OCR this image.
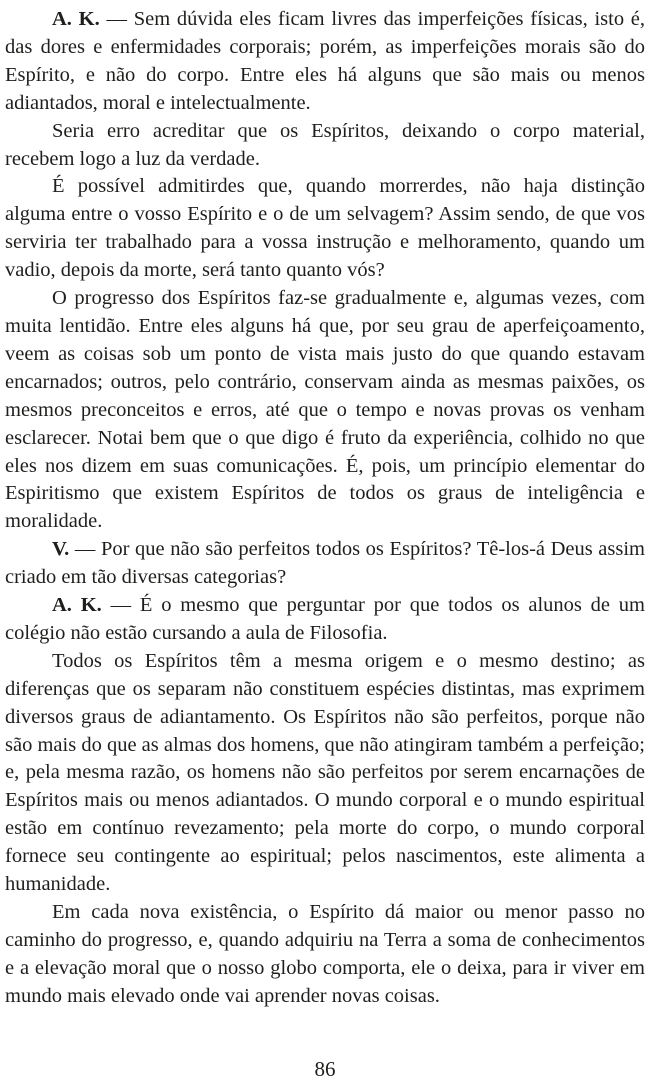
A. K. — Sem dúvida eles ficam livres das imperfeições físicas, isto é, das dores e enfermidades corporais; porém, as imperfeições morais são do Espírito, e não do corpo. Entre eles há alguns que são mais ou menos adiantados, moral e intelectualmente.

Seria erro acreditar que os Espíritos, deixando o corpo material, recebem logo a luz da verdade.

É possível admitirdes que, quando morrerdes, não haja distinção alguma entre o vosso Espírito e o de um selvagem? Assim sendo, de que vos serviria ter trabalhado para a vossa instrução e melhoramento, quando um vadio, depois da morte, será tanto quanto vós?

O progresso dos Espíritos faz-se gradualmente e, algumas vezes, com muita lentidão. Entre eles alguns há que, por seu grau de aperfeiçoamento, veem as coisas sob um ponto de vista mais justo do que quando estavam encarnados; outros, pelo contrário, conservam ainda as mesmas paixões, os mesmos preconceitos e erros, até que o tempo e novas provas os venham esclarecer. Notai bem que o que digo é fruto da experiência, colhido no que eles nos dizem em suas comunicações. É, pois, um princípio elementar do Espiritismo que existem Espíritos de todos os graus de inteligência e moralidade.

V. — Por que não são perfeitos todos os Espíritos? Tê-los-á Deus assim criado em tão diversas categorias?

A. K. — É o mesmo que perguntar por que todos os alunos de um colégio não estão cursando a aula de Filosofia.

Todos os Espíritos têm a mesma origem e o mesmo destino; as diferenças que os separam não constituem espécies distintas, mas exprimem diversos graus de adiantamento. Os Espíritos não são perfeitos, porque não são mais do que as almas dos homens, que não atingiram também a perfeição; e, pela mesma razão, os homens não são perfeitos por serem encarnações de Espíritos mais ou menos adiantados. O mundo corporal e o mundo espiritual estão em contínuo revezamento; pela morte do corpo, o mundo corporal fornece seu contingente ao espiritual; pelos nascimentos, este alimenta a humanidade.

Em cada nova existência, o Espírito dá maior ou menor passo no caminho do progresso, e, quando adquiriu na Terra a soma de conhecimentos e a elevação moral que o nosso globo comporta, ele o deixa, para ir viver em mundo mais elevado onde vai aprender novas coisas.

86
